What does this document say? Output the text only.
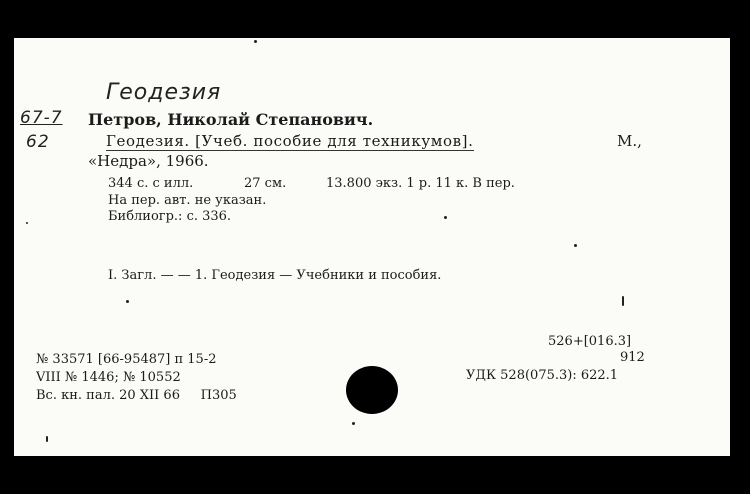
Геодезия
67-7
62
Петров, Николай Степанович.
Геодезия. [Учеб. пособие для техникумов].	М.,
«Недра», 1966.
344 с. с илл.	27 см.	13.800 экз. 1 р. 11 к. В пер.
На пер. авт. не указан.
Библиогр.: с. 336.
I. Загл. — — 1. Геодезия — Учебники и пособия.
526+[016.3]
912
УДК 528(075.3): 622.1
№ 33571 [66-95487] п 15-2
VIII № 1446; № 10552
Вс. кн. пал. 20 XII 66     П305
